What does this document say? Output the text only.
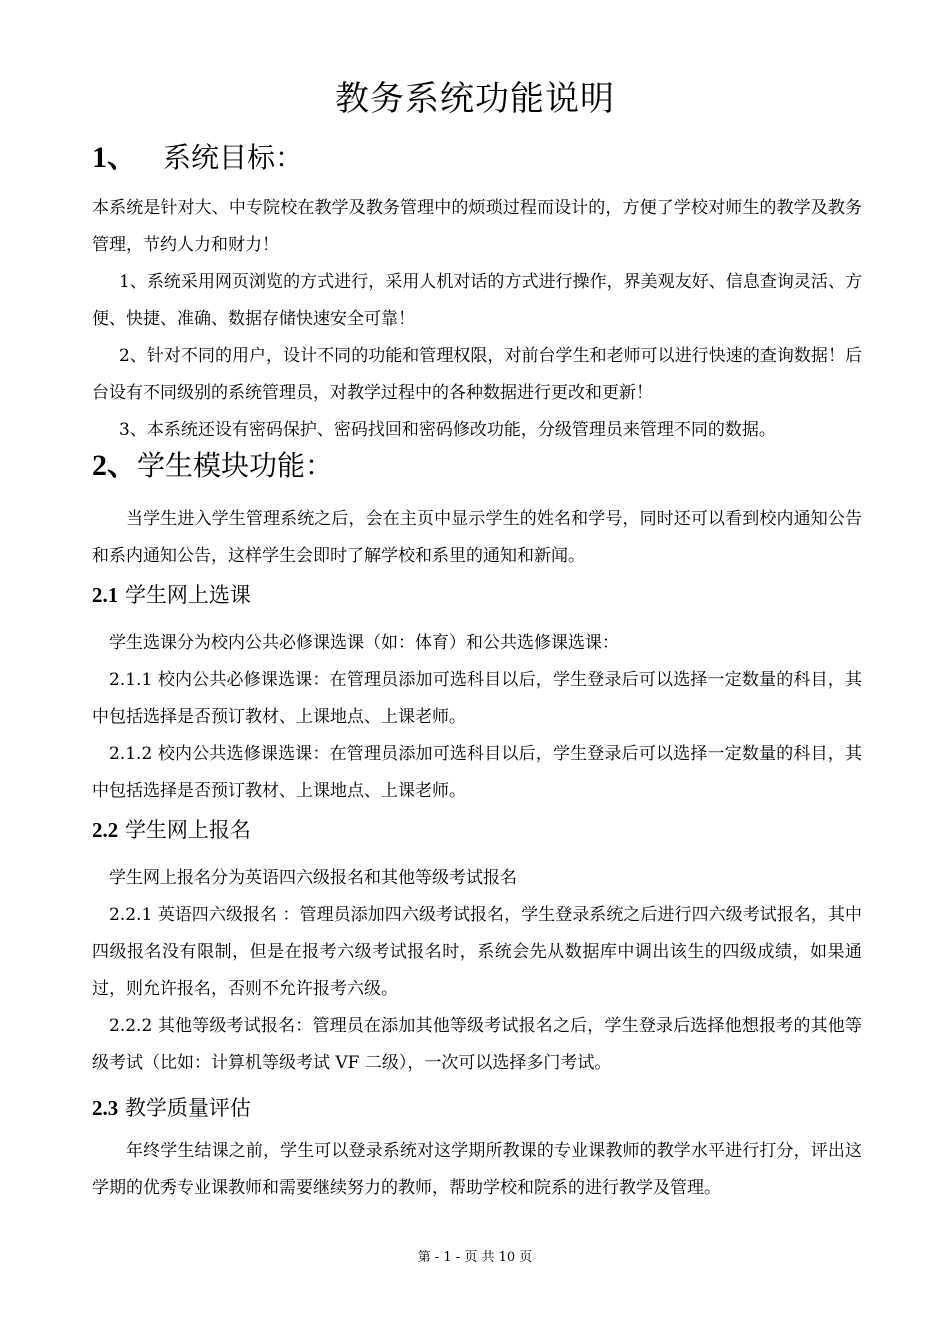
教务系统功能说明
1、 系统目标：
本系统是针对大、中专院校在教学及教务管理中的烦琐过程而设计的，方便了学校对师生的教学及教务管理，节约人力和财力！
1、系统采用网页浏览的方式进行，采用人机对话的方式进行操作，界美观友好、信息查询灵活、方便、快捷、准确、数据存储快速安全可靠！
2、针对不同的用户，设计不同的功能和管理权限，对前台学生和老师可以进行快速的查询数据！后台设有不同级别的系统管理员，对教学过程中的各种数据进行更改和更新！
3、本系统还设有密码保护、密码找回和密码修改功能，分级管理员来管理不同的数据。
2、学生模块功能：
当学生进入学生管理系统之后，会在主页中显示学生的姓名和学号，同时还可以看到校内通知公告和系内通知公告，这样学生会即时了解学校和系里的通知和新闻。
2.1 学生网上选课
学生选课分为校内公共必修课选课（如：体育）和公共选修课选课：
2.1.1 校内公共必修课选课：在管理员添加可选科目以后，学生登录后可以选择一定数量的科目，其中包括选择是否预订教材、上课地点、上课老师。
2.1.2 校内公共选修课选课：在管理员添加可选科目以后，学生登录后可以选择一定数量的科目，其中包括选择是否预订教材、上课地点、上课老师。
2.2 学生网上报名
学生网上报名分为英语四六级报名和其他等级考试报名
2.2.1 英语四六级报名 ：管理员添加四六级考试报名，学生登录系统之后进行四六级考试报名，其中四级报名没有限制，但是在报考六级考试报名时，系统会先从数据库中调出该生的四级成绩，如果通过，则允许报名，否则不允许报考六级。
2.2.2 其他等级考试报名：管理员在添加其他等级考试报名之后，学生登录后选择他想报考的其他等级考试（比如：计算机等级考试 VF 二级），一次可以选择多门考试。
2.3 教学质量评估
年终学生结课之前，学生可以登录系统对这学期所教课的专业课教师的教学水平进行打分，评出这学期的优秀专业课教师和需要继续努力的教师，帮助学校和院系的进行教学及管理。
第 - 1 - 页 共 10 页
